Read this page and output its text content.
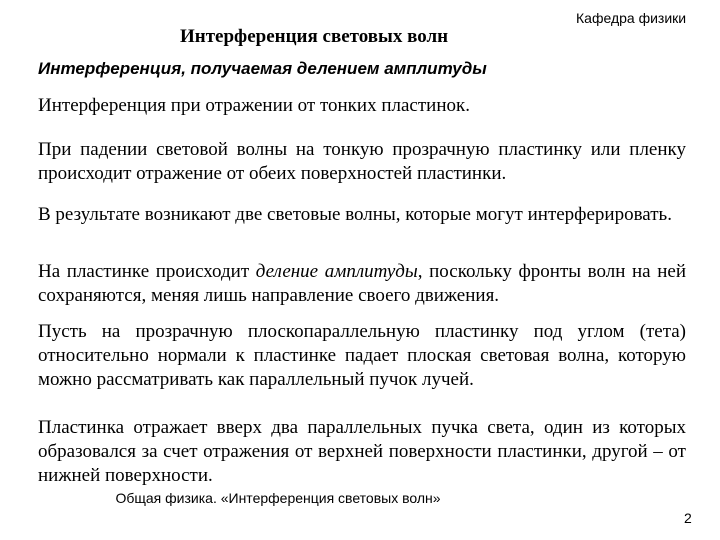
Интерференция световых волн
Кафедра физики
Интерференция, получаемая делением амплитуды
Интерференция при отражении от тонких пластинок.
При падении световой волны на тонкую прозрачную пластинку или пленку происходит отражение от обеих поверхностей пластинки.
В результате возникают две световые волны, которые могут интерферировать.
На пластинке происходит деление амплитуды, поскольку фронты волн на ней сохраняются, меняя лишь направление своего движения.
Пусть на прозрачную плоскопараллельную пластинку под углом (тета) относительно нормали к пластинке падает плоская световая волна, которую можно рассматривать как параллельный пучок лучей.
Пластинка отражает вверх два параллельных пучка света, один из которых образовался за счет отражения от верхней поверхности пластинки, другой – от нижней поверхности.
Общая физика. «Интерференция световых волн»
2
